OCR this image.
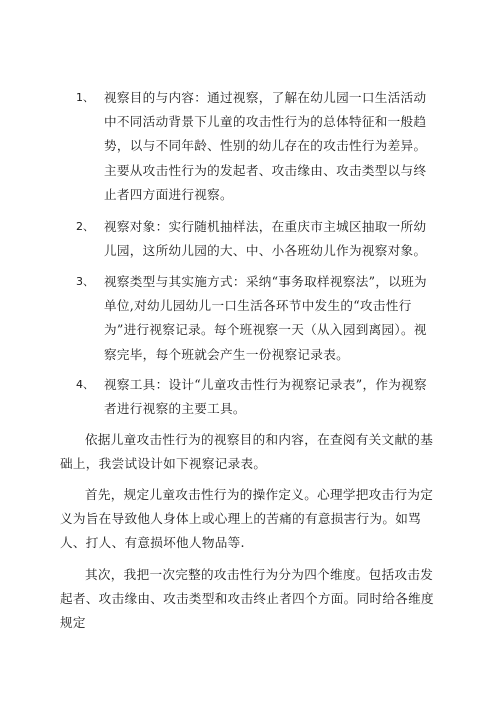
1、 视察目的与内容：通过视察，了解在幼儿园一口生活活动中不同活动背景下儿童的攻击性行为的总体特征和一般趋势，以与不同年龄、性别的幼儿存在的攻击性行为差异。主要从攻击性行为的发起者、攻击缘由、攻击类型以与终止者四方面进行视察。
2、 视察对象：实行随机抽样法，在重庆市主城区抽取一所幼儿园，这所幼儿园的大、中、小各班幼儿作为视察对象。
3、 视察类型与其实施方式：采纳“事务取样视察法”，以班为单位,对幼儿园幼儿一口生活各环节中发生的“攻击性行为”进行视察记录。每个班视察一天（从入园到离园）。视察完毕，每个班就会产生一份视察记录表。
4、 视察工具：设计“儿童攻击性行为视察记录表”，作为视察者进行视察的主要工具。
依据儿童攻击性行为的视察目的和内容，在查阅有关文献的基础上，我尝试设计如下视察记录表。
首先，规定儿童攻击性行为的操作定义。心理学把攻击行为定义为旨在导致他人身体上或心理上的苦痛的有意损害行为。如骂人、打人、有意损坏他人物品等.
其次，我把一次完整的攻击性行为分为四个维度。包括攻击发起者、攻击缘由、攻击类型和攻击终止者四个方面。同时给各维度规定
